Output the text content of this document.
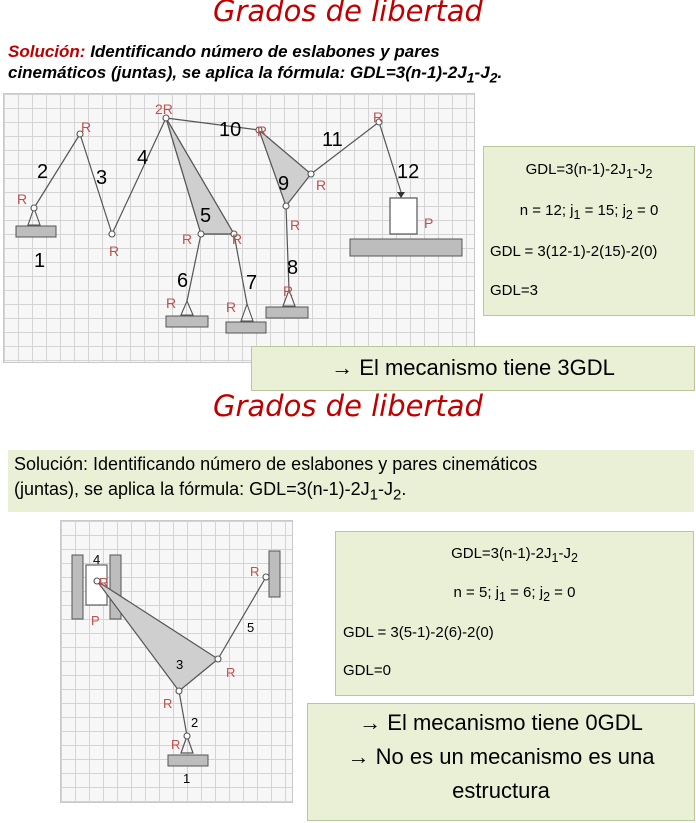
Grados de libertad
Solución: Identificando número de eslabones y pares
cinemáticos (juntas), se aplica la fórmula: $GDL=3(n-1)-2J_1-J_2$.
R
R
R
2R
R	R
R
R
R
R
R	R
R
P
1
2 3
4
5
6	7
8
9
10	11
12	$GDL=3(n-1)-2J_1-J_2$
n = 12; $j_1 = 15$; $j_2 = 0$
GDL = 3(12-1)-2(15)-2(0)
GDL=3
→ El mecanismo tiene 3GDL
Grados de libertad
Solución: Identificando número de eslabones y pares cinemáticos
(juntas), se aplica la fórmula: $GDL=3(n-1)-2J_1-J_2$.
R
R
R
R
R
P
1
2
3
4
5
$GDL=3(n-1)-2J_1-J_2$
n = 5; $j_1 = 6$; $j_2 = 0$
GDL = 3(5-1)-2(6)-2(0)
GDL=0
→ El mecanismo tiene 0GDL
→ No es un mecanismo es una
estructura
